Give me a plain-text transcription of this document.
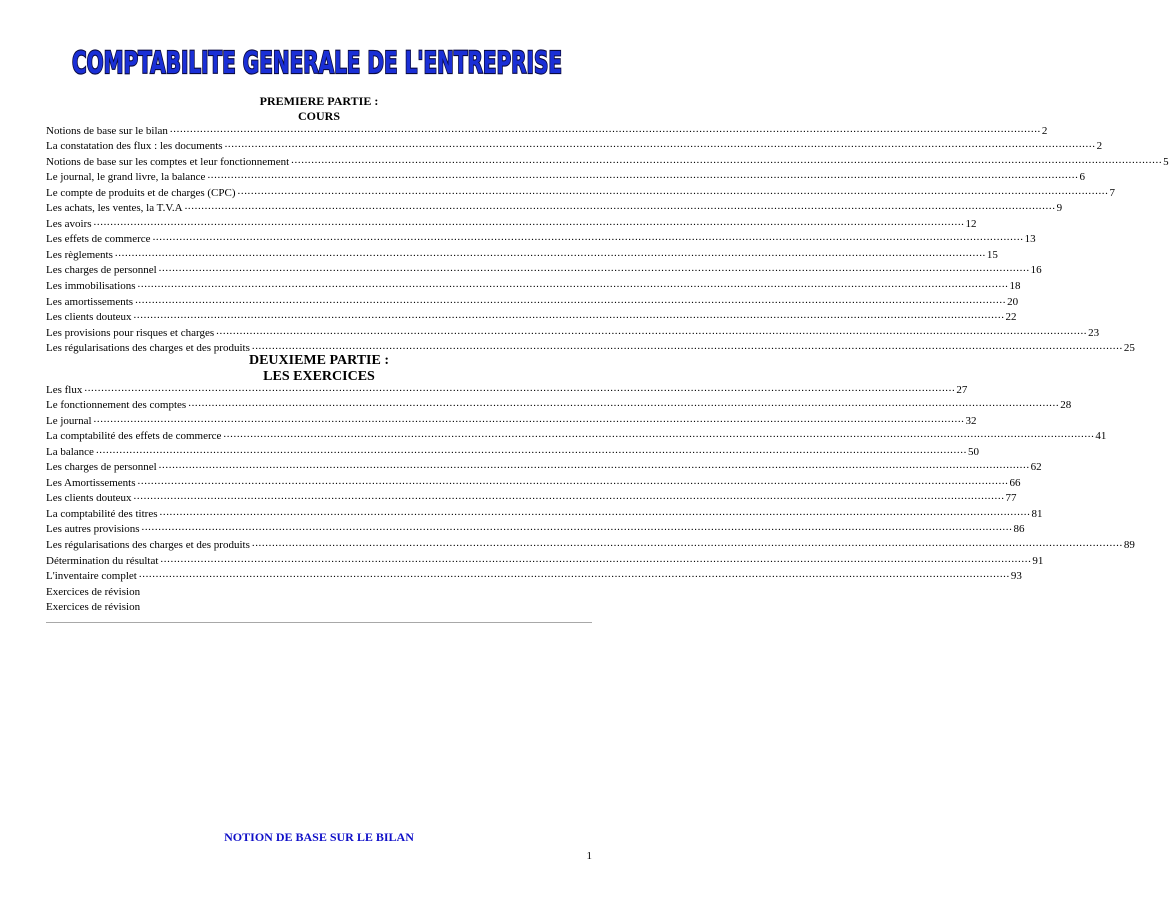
COMPTABILITE GENERALE DE L'ENTREPRISE
PREMIERE PARTIE :
COURS
Notions de base sur le bilan .................................................................................................................................................................................................................................................................... 2
La constatation des flux : les documents .................................................................................................................................................................................................................................................................... 2
Notions de base sur les comptes et leur fonctionnement .................................................................................................................................................................................................................................................................... 5
Le journal, le grand livre, la balance .................................................................................................................................................................................................................................................................... 6
Le compte de produits et de charges (CPC) .................................................................................................................................................................................................................................................................... 7
Les achats, les ventes, la T.V.A .................................................................................................................................................................................................................................................................... 9
Les avoirs .................................................................................................................................................................................................................................................................... 12
Les effets de commerce .................................................................................................................................................................................................................................................................... 13
Les règlements .................................................................................................................................................................................................................................................................... 15
Les charges de personnel .................................................................................................................................................................................................................................................................... 16
Les immobilisations .................................................................................................................................................................................................................................................................... 18
Les amortissements .................................................................................................................................................................................................................................................................... 20
Les clients douteux .................................................................................................................................................................................................................................................................... 22
Les provisions pour risques et charges .................................................................................................................................................................................................................................................................... 23
Les régularisations des charges et des produits .................................................................................................................................................................................................................................................................... 25
DEUXIEME PARTIE :
LES EXERCICES
Les flux .................................................................................................................................................................................................................................................................... 27
Le fonctionnement des comptes .................................................................................................................................................................................................................................................................... 28
Le journal .................................................................................................................................................................................................................................................................... 32
La comptabilité des effets de commerce .................................................................................................................................................................................................................................................................... 41
La balance .................................................................................................................................................................................................................................................................... 50
Les charges de personnel .................................................................................................................................................................................................................................................................... 62
Les Amortissements .................................................................................................................................................................................................................................................................... 66
Les clients douteux .................................................................................................................................................................................................................................................................... 77
La comptabilité des titres .................................................................................................................................................................................................................................................................... 81
Les autres provisions .................................................................................................................................................................................................................................................................... 86
Les régularisations des charges et des produits .................................................................................................................................................................................................................................................................... 89
Détermination du résultat .................................................................................................................................................................................................................................................................... 91
L'inventaire complet .................................................................................................................................................................................................................................................................... 93
Exercices de révision
Exercices de révision
NOTION DE BASE SUR LE BILAN
1
